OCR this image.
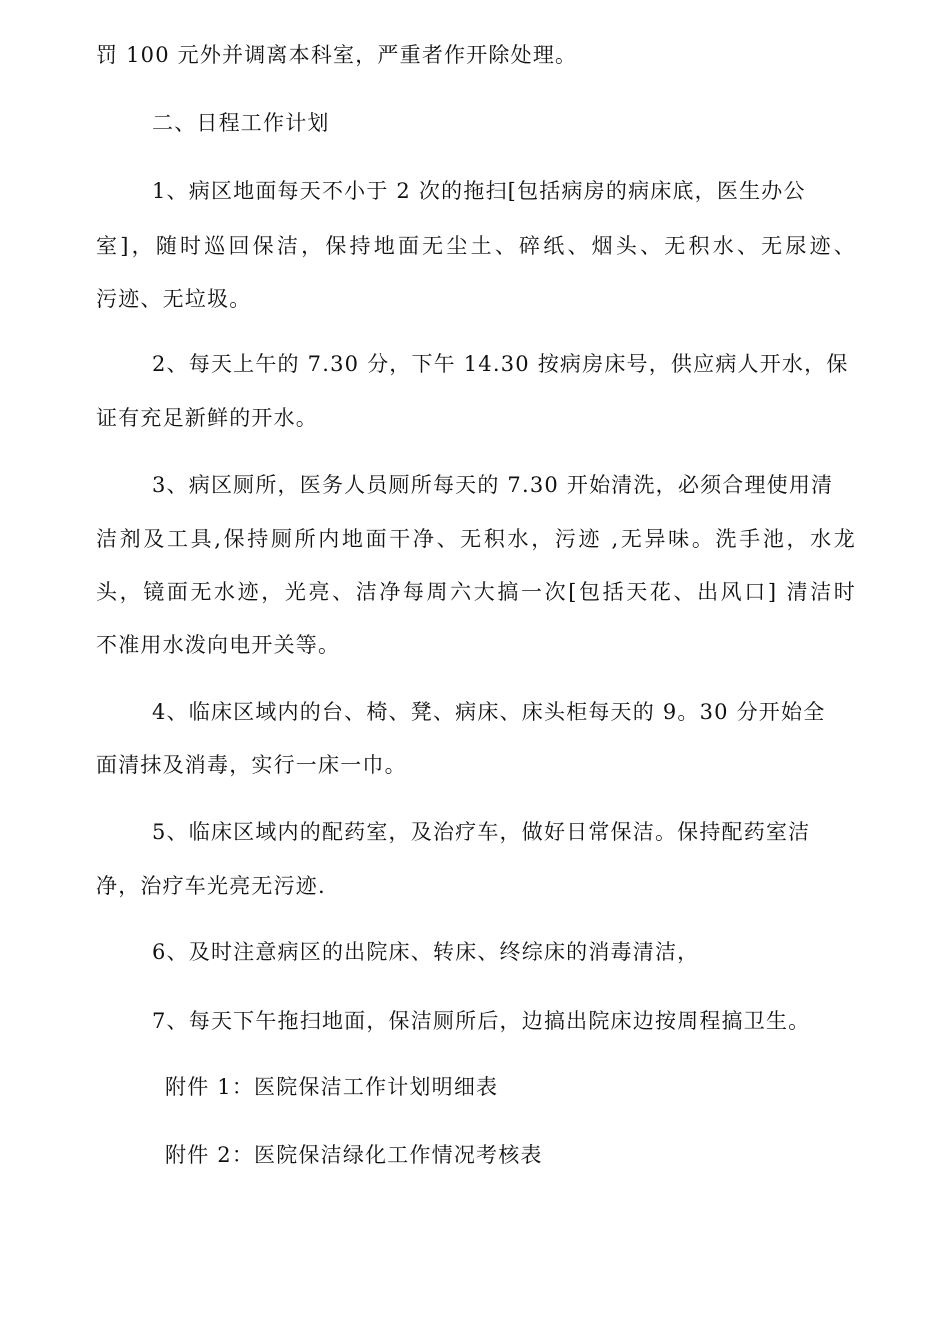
罚 100 元外并调离本科室，严重者作开除处理。
二、日程工作计划
1、病区地面每天不小于 2 次的拖扫[包括病房的病床底，医生办公
室]，随时巡回保洁，保持地面无尘土、碎纸、烟头、无积水、无尿迹、
污迹、无垃圾。
2、每天上午的 7.30 分，下午 14.30 按病房床号，供应病人开水，保
证有充足新鲜的开水。
3、病区厕所，医务人员厕所每天的 7.30 开始清洗，必须合理使用清
洁剂及工具,保持厕所内地面干净、无积水，污迹 ,无异味。洗手池，水龙
头，镜面无水迹，光亮、洁净每周六大搞一次[包括天花、出风口] 清洁时
不准用水泼向电开关等。
4、临床区域内的台、椅、凳、病床、床头柜每天的 9。30 分开始全
面清抹及消毒，实行一床一巾。
5、临床区域内的配药室，及治疗车，做好日常保洁。保持配药室洁
净，治疗车光亮无污迹.
6、及时注意病区的出院床、转床、终综床的消毒清洁，
7、每天下午拖扫地面，保洁厕所后，边搞出院床边按周程搞卫生。
附件 1：医院保洁工作计划明细表
附件 2：医院保洁绿化工作情况考核表
